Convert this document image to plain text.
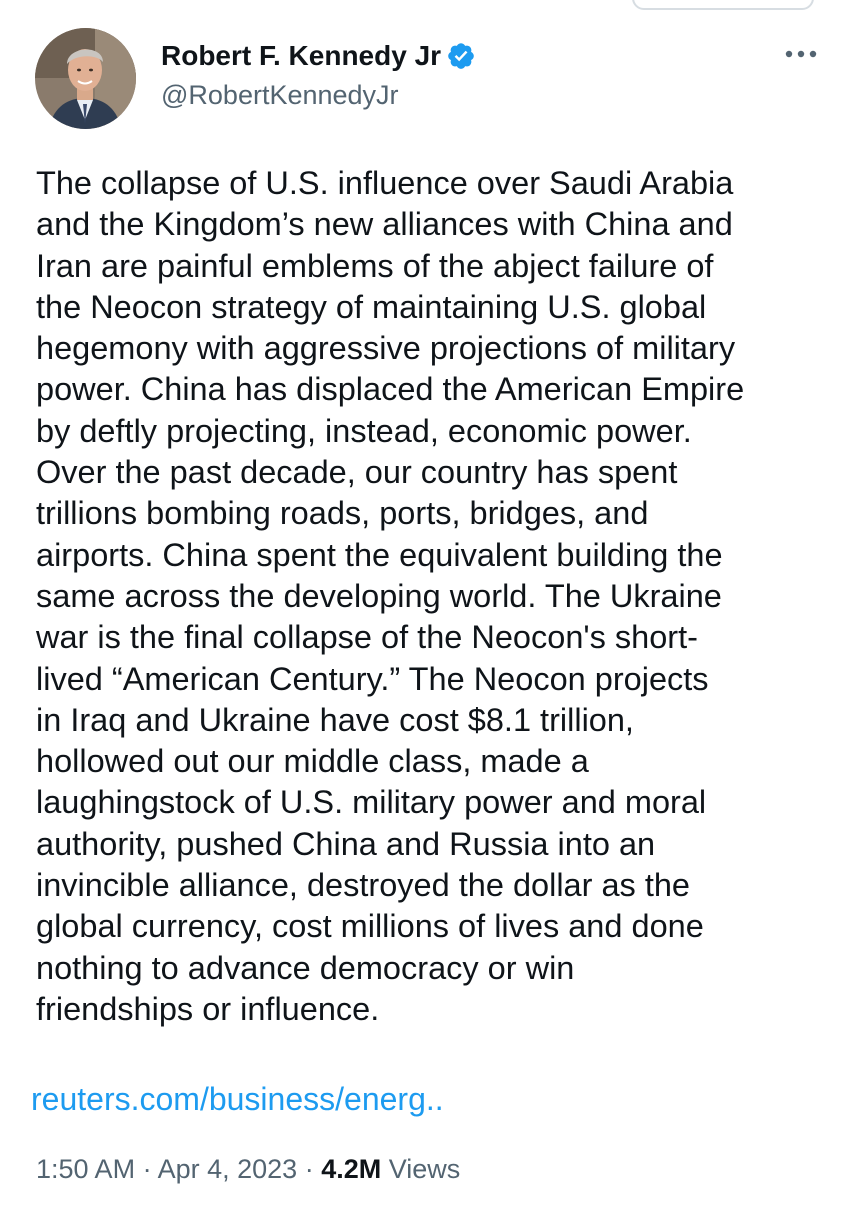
Robert F. Kennedy Jr
@RobertKennedyJr
The collapse of U.S. influence over Saudi Arabia
and the Kingdom’s new alliances with China and
Iran are painful emblems of the abject failure of
the Neocon strategy of maintaining U.S. global
hegemony with aggressive projections of military
power. China has displaced the American Empire
by deftly projecting, instead, economic power.
Over the past decade, our country has spent
trillions bombing roads, ports, bridges, and
airports. China spent the equivalent building the
same across the developing world. The Ukraine
war is the final collapse of the Neocon's short-
lived “American Century.” The Neocon projects
in Iraq and Ukraine have cost $8.1 trillion,
hollowed out our middle class, made a
laughingstock of U.S. military power and moral
authority, pushed China and Russia into an
invincible alliance, destroyed the dollar as the
global currency, cost millions of lives and done
nothing to advance democracy or win
friendships or influence.
reuters.com/business/energ..
1:50 AM · Apr 4, 2023 · 4.2M Views
